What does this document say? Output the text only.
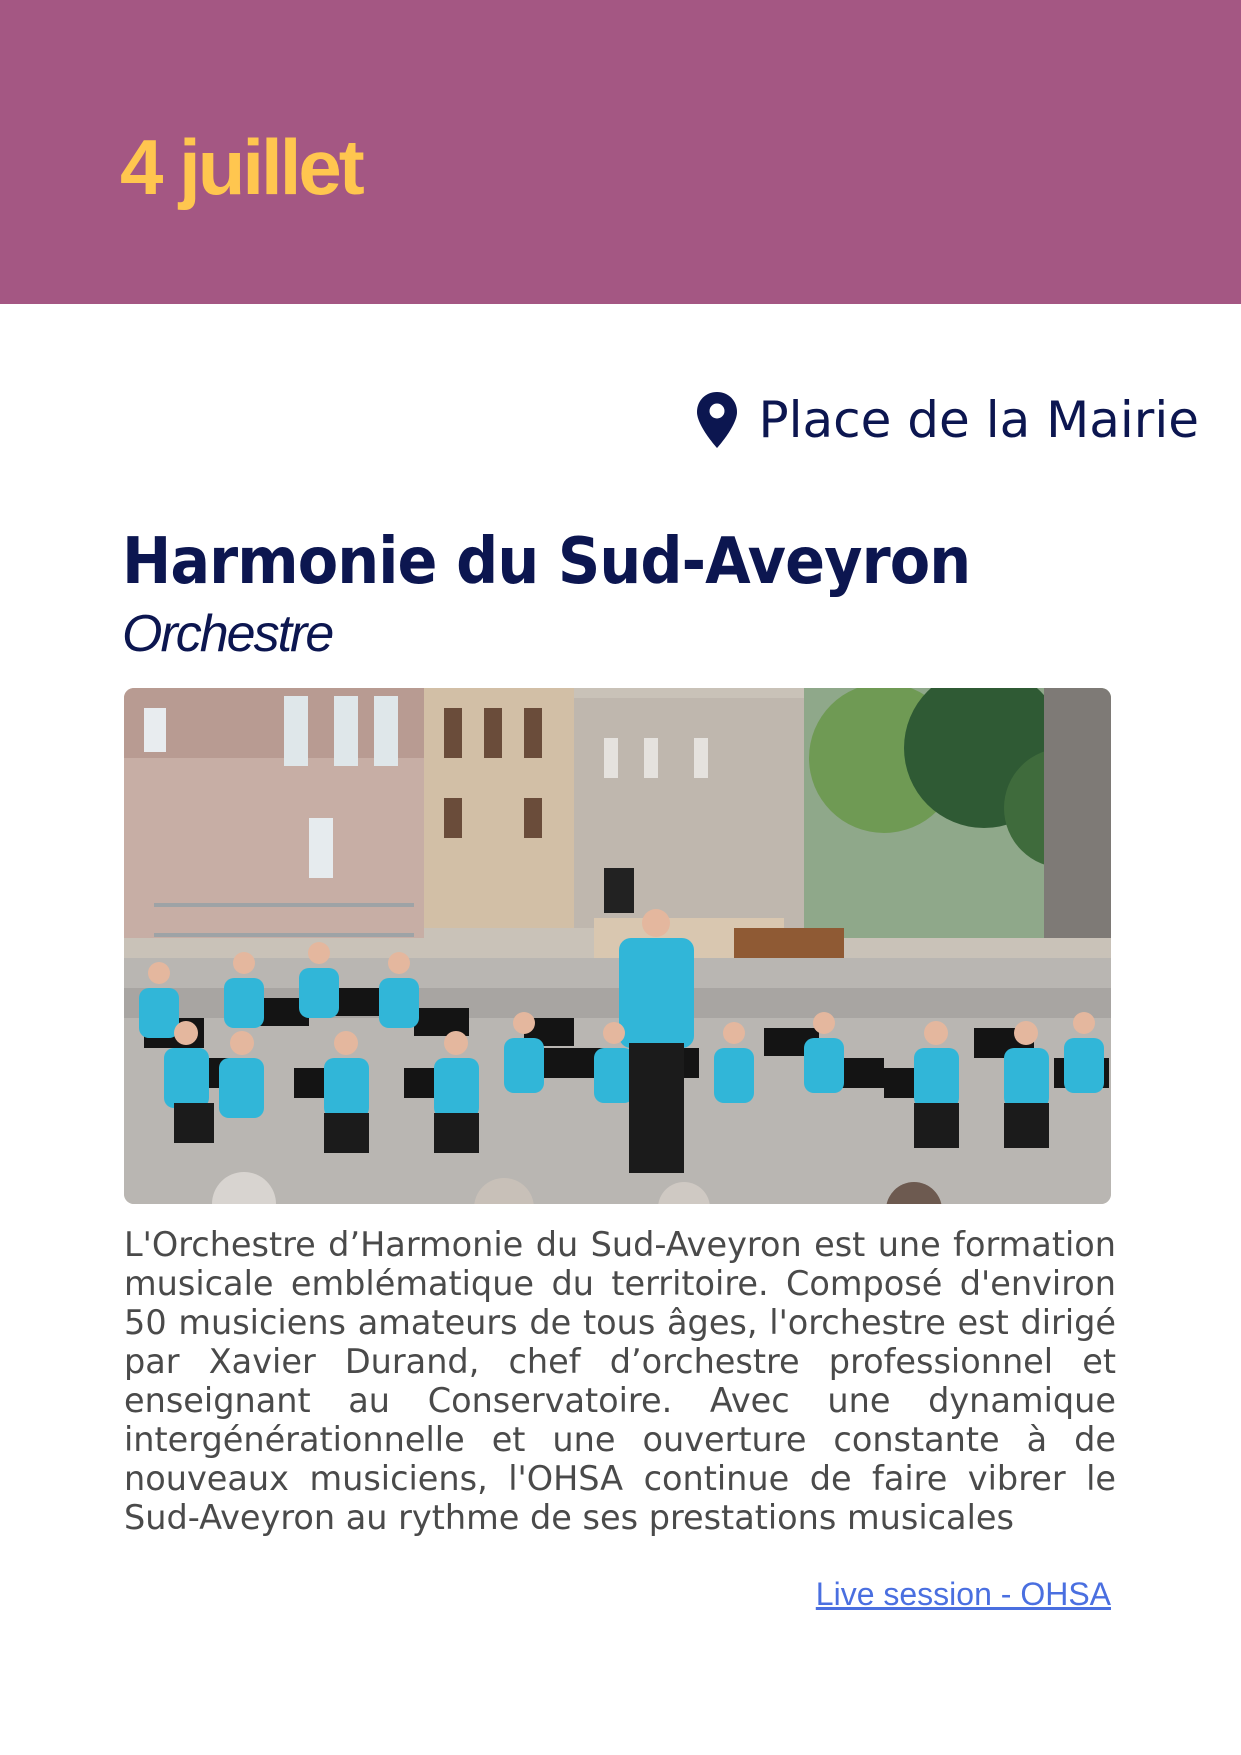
4 juillet
Place de la Mairie
Harmonie du Sud-Aveyron
Orchestre

L'Orchestre d’Harmonie du Sud-Aveyron est une formation musicale emblématique du territoire. Composé d'environ 50 musiciens amateurs de tous âges, l'orchestre est dirigé par Xavier Durand, chef d’orchestre professionnel et enseignant au Conservatoire. Avec une dynamique intergénérationnelle et une ouverture constante à de nouveaux musiciens, l'OHSA continue de faire vibrer le Sud-Aveyron au rythme de ses prestations musicales

Live session - OHSA
